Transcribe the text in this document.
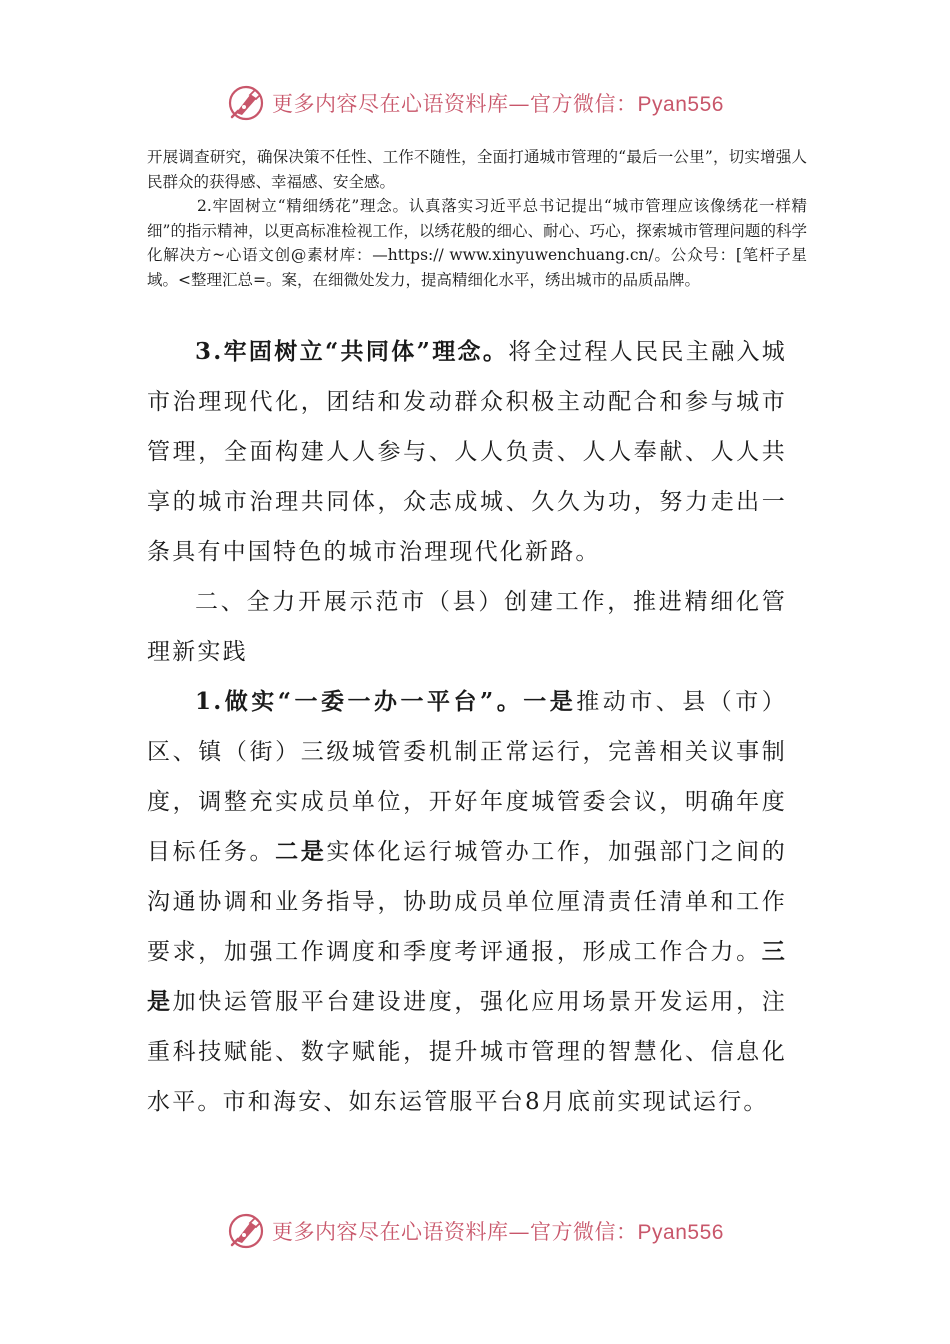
更多内容尽在心语资料库—官方微信：Pyan556

开展调查研究，确保决策不任性、工作不随性，全面打通城市管理的“最后一公里”，切实增强人民群众的获得感、幸福感、安全感。

2.牢固树立“精细绣花”理念。认真落实习近平总书记提出“城市管理应该像绣花一样精细”的指示精神，以更高标准检视工作，以绣花般的细心、耐心、巧心，探索城市管理问题的科学化解决方~心语文创@素材库：—https:// www.xinyuwenchuang.cn/。公众号：[笔杆子星域。<整理汇总=。案，在细微处发力，提高精细化水平，绣出城市的品质品牌。

3.牢固树立“共同体”理念。将全过程人民民主融入城市治理现代化，团结和发动群众积极主动配合和参与城市管理，全面构建人人参与、人人负责、人人奉献、人人共享的城市治理共同体，众志成城、久久为功，努力走出一条具有中国特色的城市治理现代化新路。

二、全力开展示范市（县）创建工作，推进精细化管理新实践

1.做实“一委一办一平台”。一是推动市、县（市）区、镇（街）三级城管委机制正常运行，完善相关议事制度，调整充实成员单位，开好年度城管委会议，明确年度目标任务。二是实体化运行城管办工作，加强部门之间的沟通协调和业务指导，协助成员单位厘清责任清单和工作要求，加强工作调度和季度考评通报，形成工作合力。三是加快运管服平台建设进度，强化应用场景开发运用，注重科技赋能、数字赋能，提升城市管理的智慧化、信息化水平。市和海安、如东运管服平台8月底前实现试运行。

更多内容尽在心语资料库—官方微信：Pyan556
